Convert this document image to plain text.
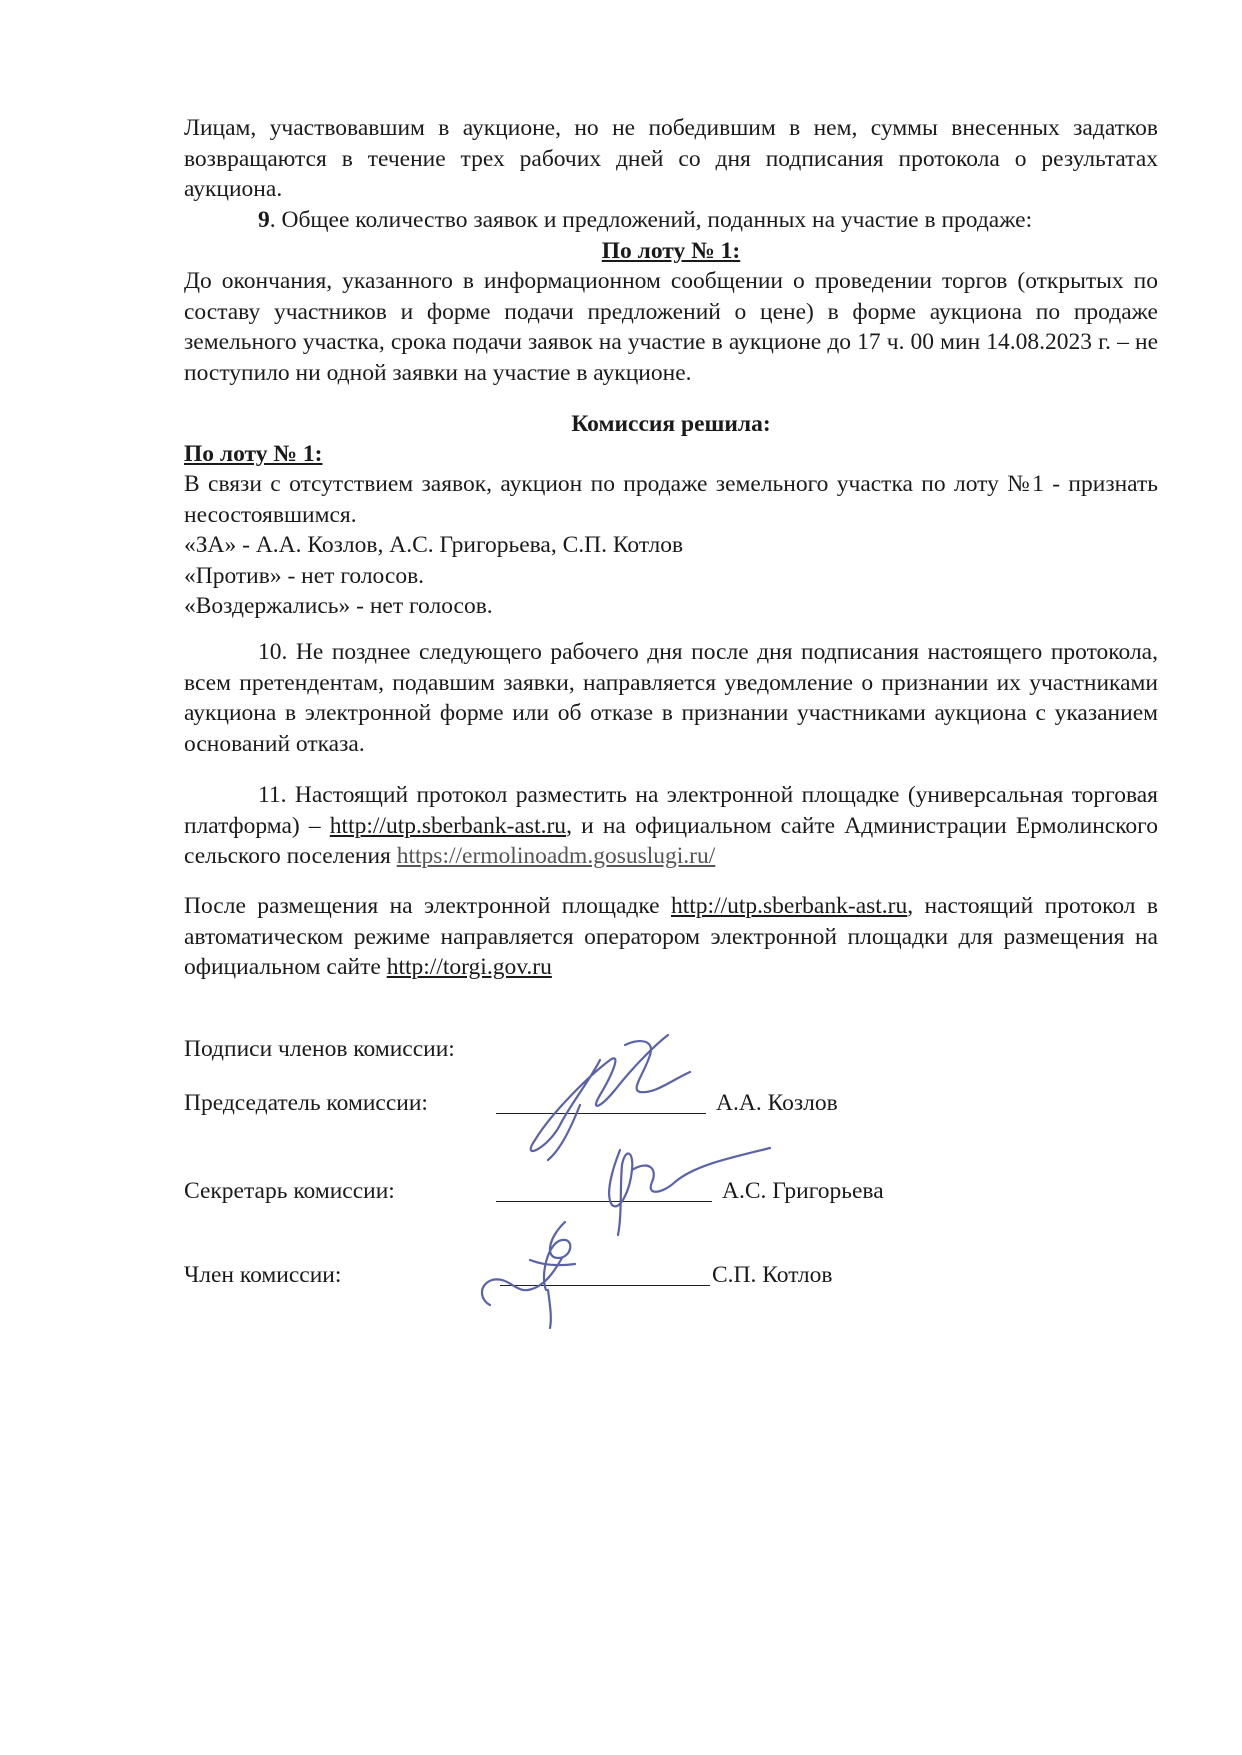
Лицам, участвовавшим в аукционе, но не победившим в нем, суммы внесенных задатков возвращаются в течение трех рабочих дней со дня подписания протокола о результатах аукциона.
9. Общее количество заявок и предложений, поданных на участие в продаже:
По лоту № 1:
До окончания, указанного в информационном сообщении о проведении торгов (открытых по составу участников и форме подачи предложений о цене) в форме аукциона по продаже земельного участка, срока подачи заявок на участие в аукционе до 17 ч. 00 мин 14.08.2023 г. – не поступило ни одной заявки на участие в аукционе.
Комиссия решила:
По лоту № 1:
В связи с отсутствием заявок, аукцион по продаже земельного участка по лоту №1 - признать несостоявшимся.
«ЗА» - А.А. Козлов, А.С. Григорьева, С.П. Котлов
«Против» - нет голосов.
«Воздержались» - нет голосов.
10. Не позднее следующего рабочего дня после дня подписания настоящего протокола, всем претендентам, подавшим заявки, направляется уведомление о признании их участниками аукциона в электронной форме или об отказе в признании участниками аукциона с указанием оснований отказа.
11. Настоящий протокол разместить на электронной площадке (универсальная торговая платформа) – http://utp.sberbank-ast.ru, и на официальном сайте Администрации Ермолинского сельского поселения https://ermolinoadm.gosuslugi.ru/
После размещения на электронной площадке http://utp.sberbank-ast.ru, настоящий протокол в автоматическом режиме направляется оператором электронной площадки для размещения на официальном сайте http://torgi.gov.ru
Подписи членов комиссии:
Председатель комиссии:	А.А. Козлов
Секретарь комиссии:	А.С. Григорьева
Член комиссии:	С.П. Котлов
